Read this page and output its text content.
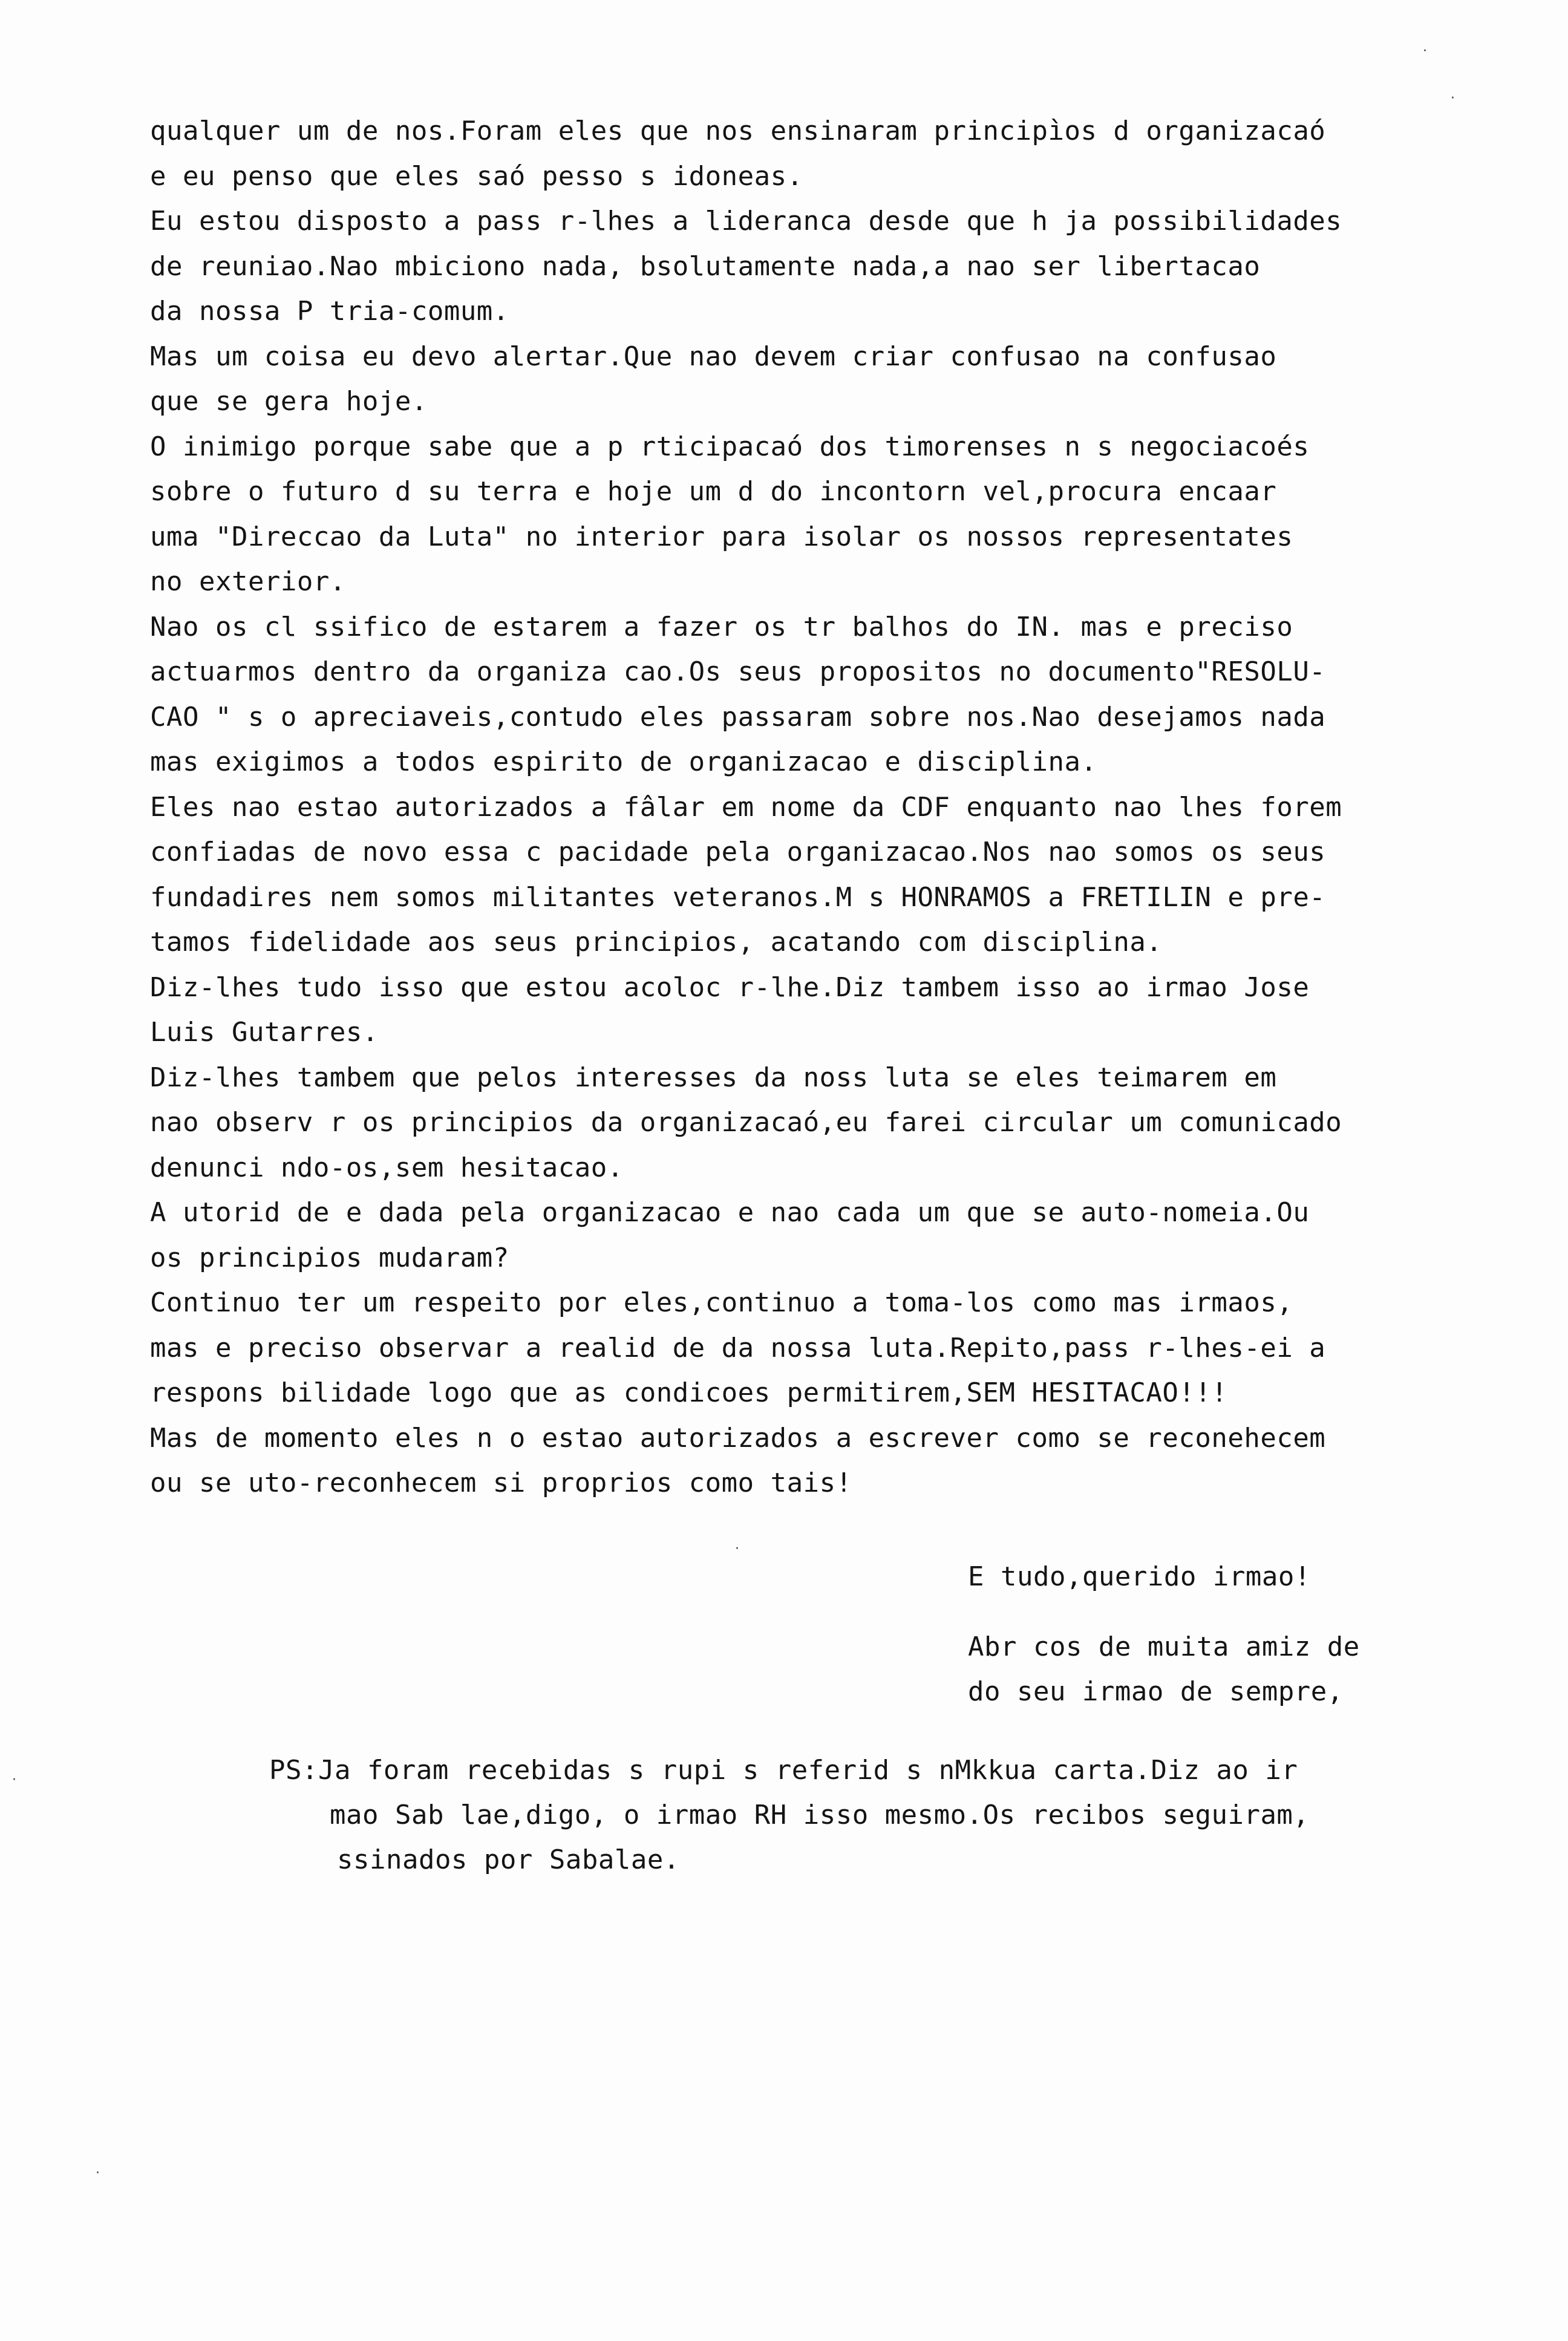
qualquer um de nos.Foram eles que nos ensinaram principìos d organizacaó
e eu penso que eles saó pesso s idoneas.
Eu estou disposto a pass r-lhes a lideranca desde que h ja possibilidades
de reuniao.Nao mbiciono nada, bsolutamente nada,a nao ser libertacao
da nossa P tria-comum.
Mas um coisa eu devo alertar.Que nao devem criar confusao na confusao
que se gera hoje.
O inimigo porque sabe que a p rticipacaó dos timorenses n s negociacoés
sobre o futuro d su terra e hoje um d do incontorn vel,procura encaar
uma "Direccao da Luta" no interior para isolar os nossos representates
no exterior.
Nao os cl ssifico de estarem a fazer os tr balhos do IN. mas e preciso
actuarmos dentro da organiza cao.Os seus propositos no documento"RESOLU-
CAO " s o apreciaveis,contudo eles passaram sobre nos.Nao desejamos nada
mas exigimos a todos espirito de organizacao e disciplina.
Eles nao estao autorizados a fâlar em nome da CDF enquanto nao lhes forem
confiadas de novo essa c pacidade pela organizacao.Nos nao somos os seus
fundadires nem somos militantes veteranos.M s HONRAMOS a FRETILIN e pre-
tamos fidelidade aos seus principios, acatando com disciplina.
Diz-lhes tudo isso que estou acoloc r-lhe.Diz tambem isso ao irmao Jose
Luis Gutarres.
Diz-lhes tambem que pelos interesses da noss luta se eles teimarem em
nao observ r os principios da organizacaó,eu farei circular um comunicado
denunci ndo-os,sem hesitacao.
A utorid de e dada pela organizacao e nao cada um que se auto-nomeia.Ou
os principios mudaram?
Continuo ter um respeito por eles,continuo a toma-los como mas irmaos,
mas e preciso observar a realid de da nossa luta.Repito,pass r-lhes-ei a
respons bilidade logo que as condicoes permitirem,SEM HESITACAO!!!
Mas de momento eles n o estao autorizados a escrever como se reconehecem
ou se uto-reconhecem si proprios como tais!
E tudo,querido irmao!
Abr cos de muita amiz de
do seu irmao de sempre,
PS:Ja foram recebidas s rupi s referid s nMkkua carta.Diz ao ir
mao Sab lae,digo, o irmao RH isso mesmo.Os recibos seguiram,
ssinados por Sabalae.
·
·
·
·
·
